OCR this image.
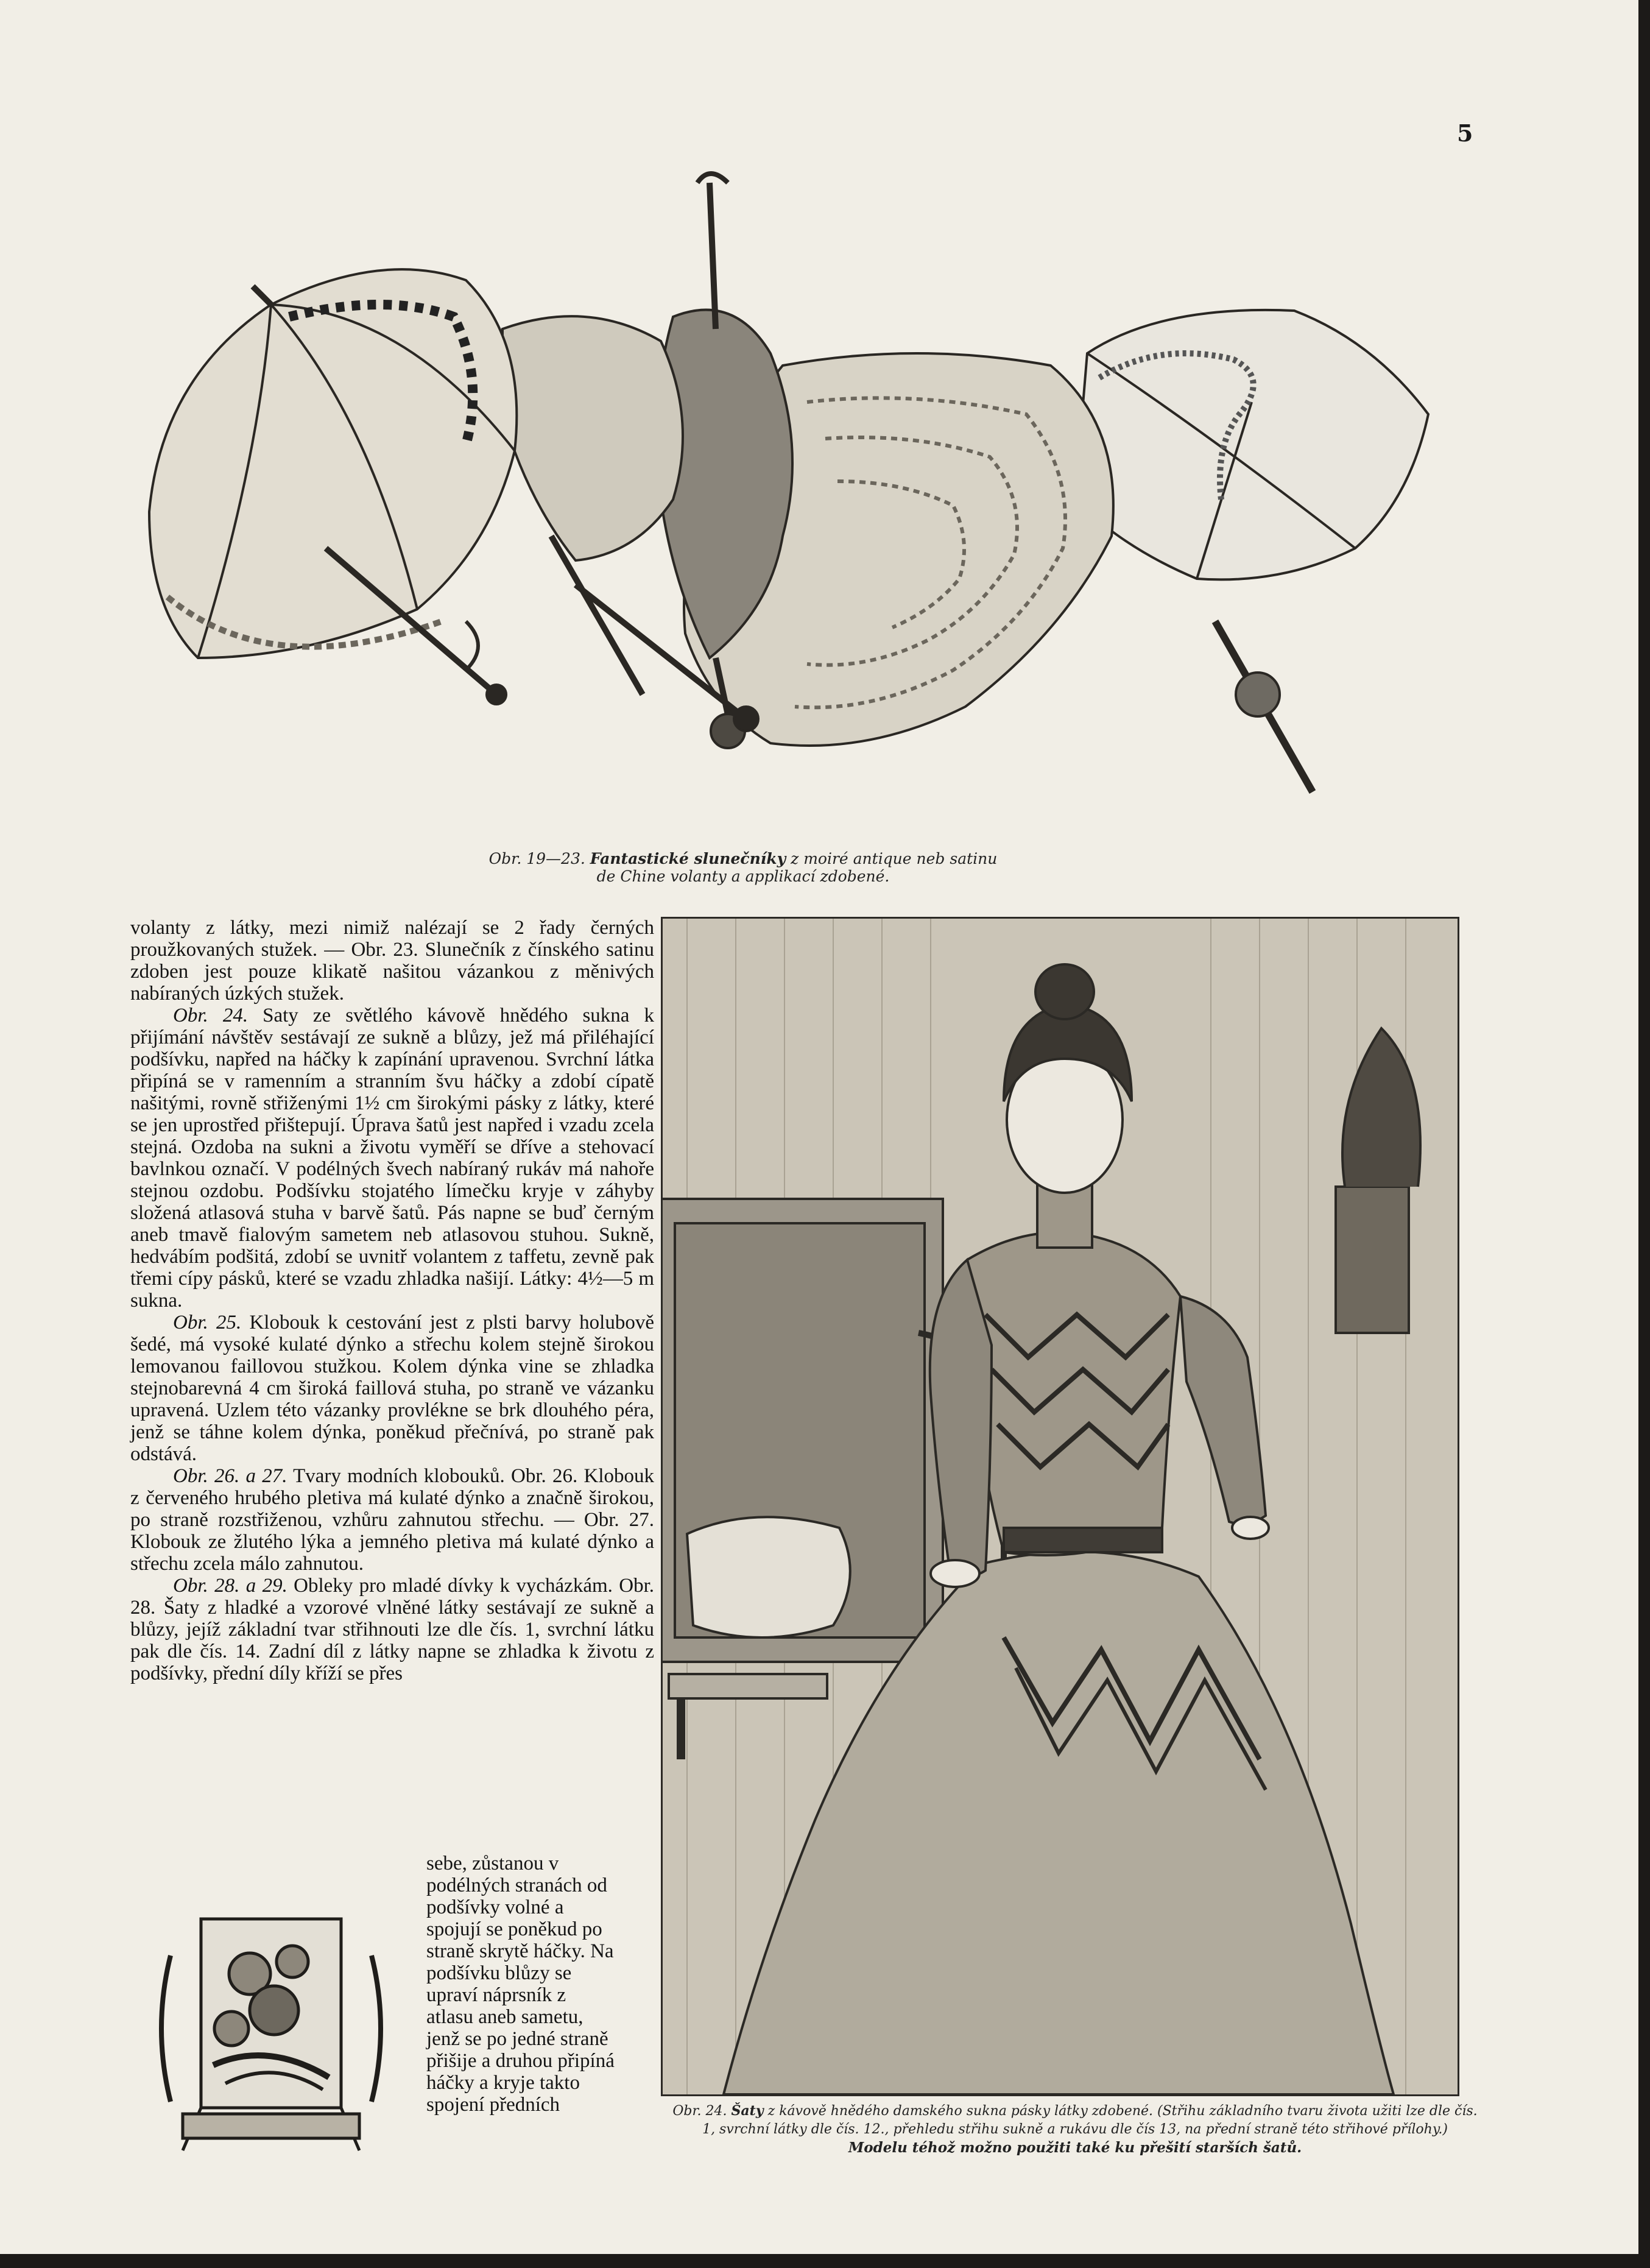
5
Obr. 19—23. Fantastické slunečníky z moiré antique neb satinu de Chine volanty a applikací zdobené.

volanty z látky, mezi nimiž nalézají se 2 řady černých proužkovaných stužek. — Obr. 23. Slunečník z čínského satinu zdoben jest pouze klikatě našitou vázankou z měnivých nabíraných úzkých stužek.

Obr. 24. Saty ze světlého kávově hnědého sukna k přijímání návštěv sestávají ze sukně a blůzy, jež má přiléhající podšívku, napřed na háčky k zapínání upravenou. Svrchní látka připíná se v ramenním a stranním švu háčky a zdobí cípatě našitými, rovně střiženými 1½ cm širokými pásky z látky, které se jen uprostřed přištepují. Úprava šatů jest napřed i vzadu zcela stejná. Ozdoba na sukni a životu vyměří se dříve a stehovací bavlnkou označí. V podélných švech nabíraný rukáv má nahoře stejnou ozdobu. Podšívku stojatého límečku kryje v záhyby složená atlasová stuha v barvě šatů. Pás napne se buď černým aneb tmavě fialovým sametem neb atlasovou stuhou. Sukně, hedvábím podšitá, zdobí se uvnitř volantem z taffetu, zevně pak třemi cípy pásků, které se vzadu zhladka našijí. Látky: 4½—5 m sukna.

Obr. 25. Klobouk k cestování jest z plsti barvy holubově šedé, má vysoké kulaté dýnko a střechu kolem stejně širokou lemovanou faillovou stužkou. Kolem dýnka vine se zhladka stejnobarevná 4 cm široká faillová stuha, po straně ve vázanku upravená. Uzlem této vázanky provlékne se brk dlouhého péra, jenž se táhne kolem dýnka, poněkud přečnívá, po straně pak odstává.

Obr. 26. a 27. Tvary modních klobouků. Obr. 26. Klobouk z červeného hrubého pletiva má kulaté dýnko a značně širokou, po straně rozstřiženou, vzhůru zahnutou střechu. — Obr. 27. Klobouk ze žlutého lýka a jemného pletiva má kulaté dýnko a střechu zcela málo zahnutou.

Obr. 28. a 29. Obleky pro mladé dívky k vycházkám. Obr. 28. Šaty z hladké a vzorové vlněné látky sestávají ze sukně a blůzy, jejíž základní tvar střihnouti lze dle čís. 1, svrchní látku pak dle čís. 14. Zadní díl z látky napne se zhladka k životu z podšívky, přední díly kříží se přes

sebe, zůstanou v podélných stranách od podšívky volné a spojují se poněkud po straně skrytě háčky. Na podšívku blůzy se upraví náprsník z atlasu aneb sametu, jenž se po jedné straně přišije a druhou připíná háčky a kryje takto spojení předních	Obr. 24. Šaty z kávově hnědého damského sukna pásky látky zdobené. (Střihu základního tvaru života užiti lze dle čís. 1, svrchní látky dle čís. 12., přehledu střihu sukně a rukávu dle čís 13, na přední straně této střihové přílohy.)
Modelu téhož možno použiti také ku přešití starších šatů.
